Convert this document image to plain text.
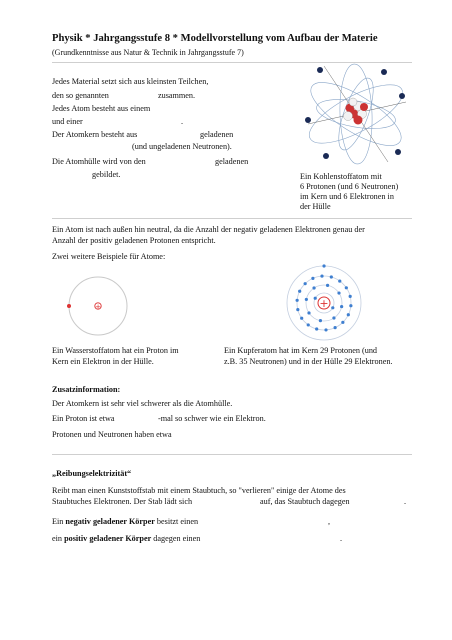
Physik * Jahrgangsstufe 8 * Modellvorstellung vom Aufbau der Materie
(Grundkenntnisse aus Natur & Technik in Jahrgangsstufe 7)
Jedes Material setzt sich aus kleinsten Teilchen,
den so genannten	zusammen.
Jedes Atom besteht aus einem
und einer	.
Der Atomkern besteht aus	geladenen
(und ungeladenen Neutronen).
Die Atomhülle wird von den	geladenen
gebildet.	Ein Kohlenstoffatom mit
6 Protonen (und 6 Neutronen)
im Kern und 6 Elektronen in
der Hülle
Ein Atom ist nach außen hin neutral, da die Anzahl der negativ geladenen Elektronen genau der
Anzahl der positiv geladenen Protonen entspricht.
Zwei weitere Beispiele für Atome:
+	+
Ein Wasserstoffatom hat ein Proton im
Kern ein Elektron in der Hülle.
Ein Kupferatom hat im Kern 29 Protonen (und
z.B. 35 Neutronen) und in der Hülle 29 Elektronen.
Zusatzinformation:
Der Atomkern ist sehr viel schwerer als die Atomhülle.
Ein Proton ist etwa	-mal so schwer wie ein Elektron.
Protonen und Neutronen haben etwa
„Reibungselektrizität“
Reibt man einen Kunststoffstab mit einem Staubtuch, so "verlieren" einige der Atome des
Staubtuches Elektronen. Der Stab lädt sich	auf, das Staubtuch dagegen	.
Ein negativ geladener Körper besitzt einen	,
ein positiv geladener Körper dagegen einen	.
